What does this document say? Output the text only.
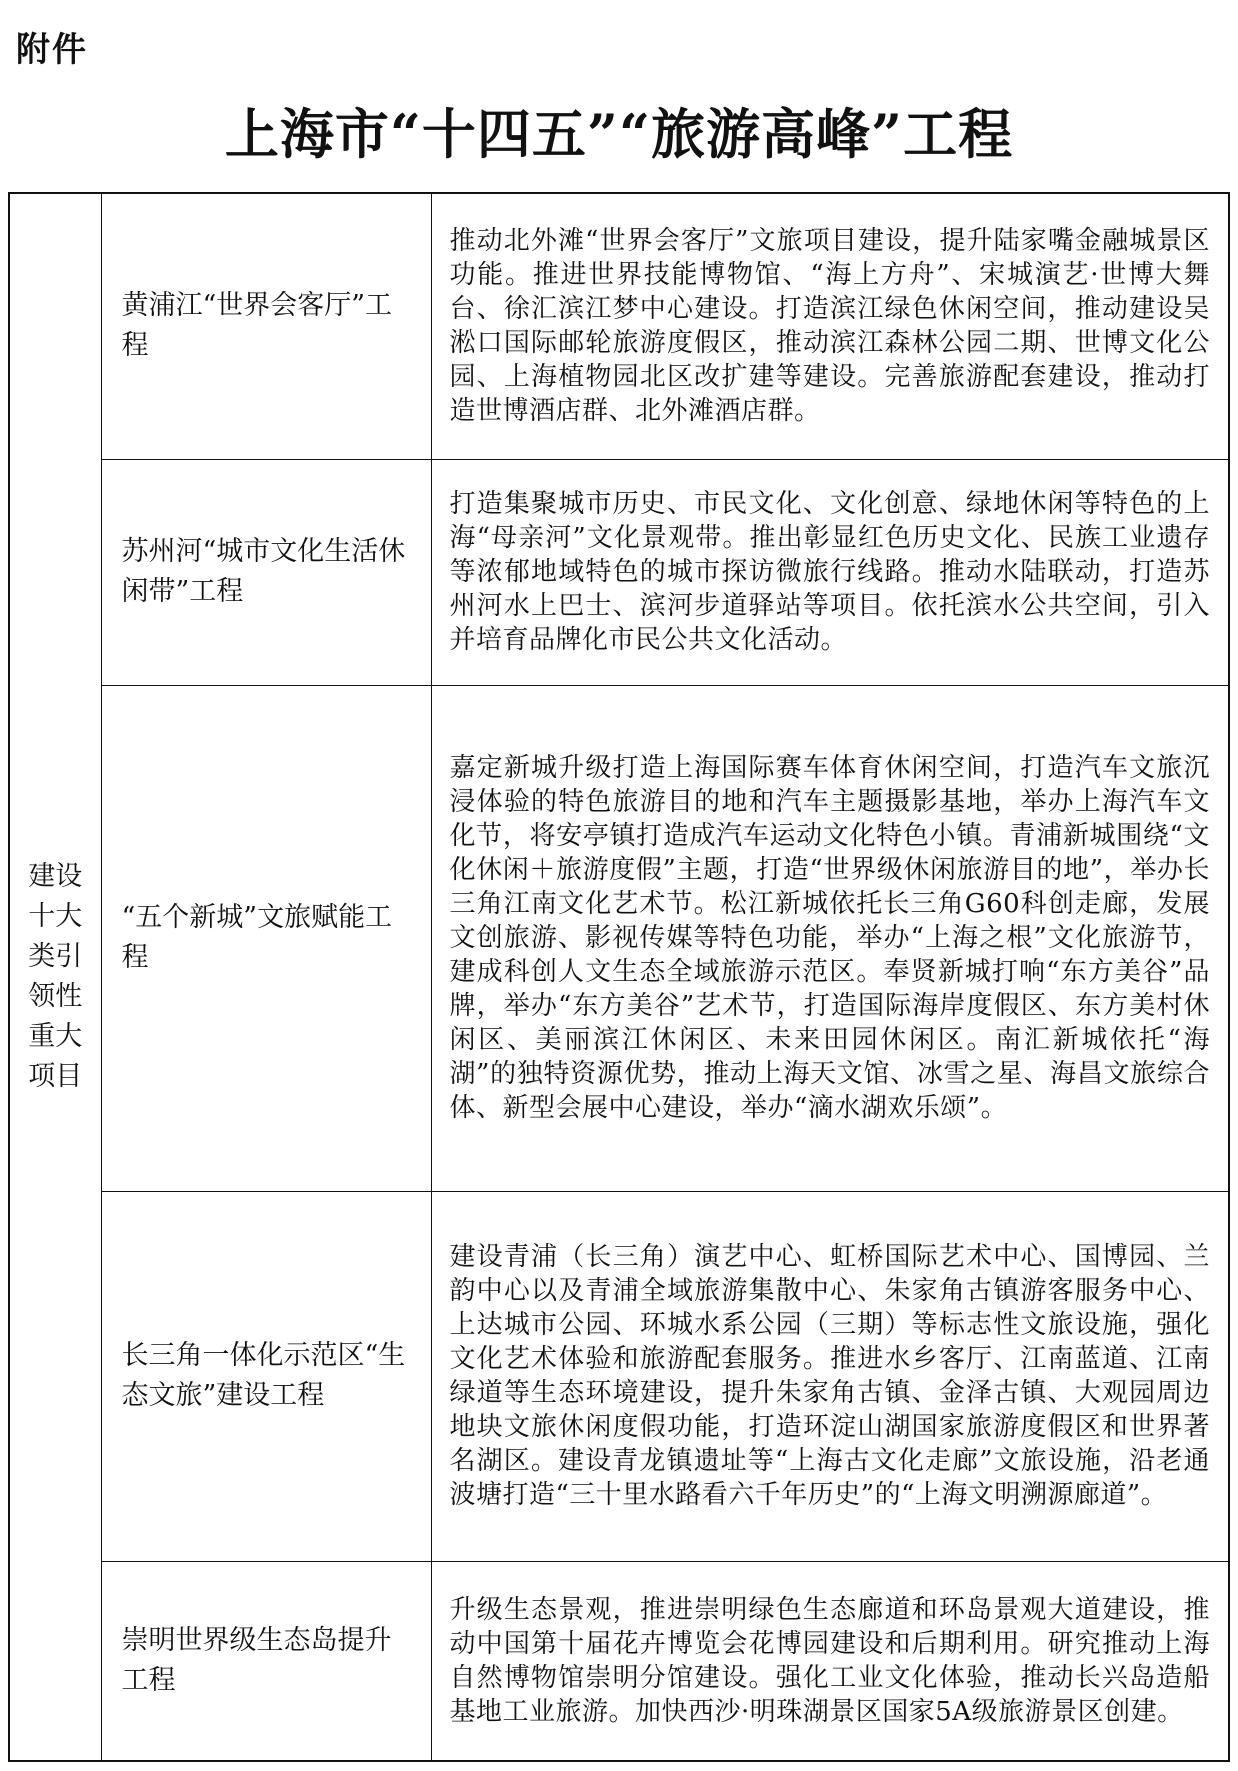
附件
上海市“十四五”“旅游高峰”工程
建设十大类引领性重大项目	黄浦江“世界会客厅”工程	推动北外滩“世界会客厅”文旅项目建设，提升陆家嘴金融城景区功能。推进世界技能博物馆、“海上方舟”、宋城演艺·世博大舞台、徐汇滨江梦中心建设。打造滨江绿色休闲空间，推动建设吴淞口国际邮轮旅游度假区，推动滨江森林公园二期、世博文化公园、上海植物园北区改扩建等建设。完善旅游配套建设，推动打造世博酒店群、北外滩酒店群。
	苏州河“城市文化生活休闲带”工程	打造集聚城市历史、市民文化、文化创意、绿地休闲等特色的上海“母亲河”文化景观带。推出彰显红色历史文化、民族工业遗存等浓郁地域特色的城市探访微旅行线路。推动水陆联动，打造苏州河水上巴士、滨河步道驿站等项目。依托滨水公共空间，引入并培育品牌化市民公共文化活动。
	“五个新城”文旅赋能工程	嘉定新城升级打造上海国际赛车体育休闲空间，打造汽车文旅沉浸体验的特色旅游目的地和汽车主题摄影基地，举办上海汽车文化节，将安亭镇打造成汽车运动文化特色小镇。青浦新城围绕“文化休闲＋旅游度假”主题，打造“世界级休闲旅游目的地”，举办长三角江南文化艺术节。松江新城依托长三角G60科创走廊，发展文创旅游、影视传媒等特色功能，举办“上海之根”文化旅游节，建成科创人文生态全域旅游示范区。奉贤新城打响“东方美谷”品牌，举办“东方美谷”艺术节，打造国际海岸度假区、东方美村休闲区、美丽滨江休闲区、未来田园休闲区。南汇新城依托“海湖”的独特资源优势，推动上海天文馆、冰雪之星、海昌文旅综合体、新型会展中心建设，举办“滴水湖欢乐颂”。
	长三角一体化示范区“生态文旅”建设工程	建设青浦（长三角）演艺中心、虹桥国际艺术中心、国博园、兰韵中心以及青浦全域旅游集散中心、朱家角古镇游客服务中心、上达城市公园、环城水系公园（三期）等标志性文旅设施，强化文化艺术体验和旅游配套服务。推进水乡客厅、江南蓝道、江南绿道等生态环境建设，提升朱家角古镇、金泽古镇、大观园周边地块文旅休闲度假功能，打造环淀山湖国家旅游度假区和世界著名湖区。建设青龙镇遗址等“上海古文化走廊”文旅设施，沿老通波塘打造“三十里水路看六千年历史”的“上海文明溯源廊道”。
	崇明世界级生态岛提升工程	升级生态景观，推进崇明绿色生态廊道和环岛景观大道建设，推动中国第十届花卉博览会花博园建设和后期利用。研究推动上海自然博物馆崇明分馆建设。强化工业文化体验，推动长兴岛造船基地工业旅游。加快西沙·明珠湖景区国家5A级旅游景区创建。
